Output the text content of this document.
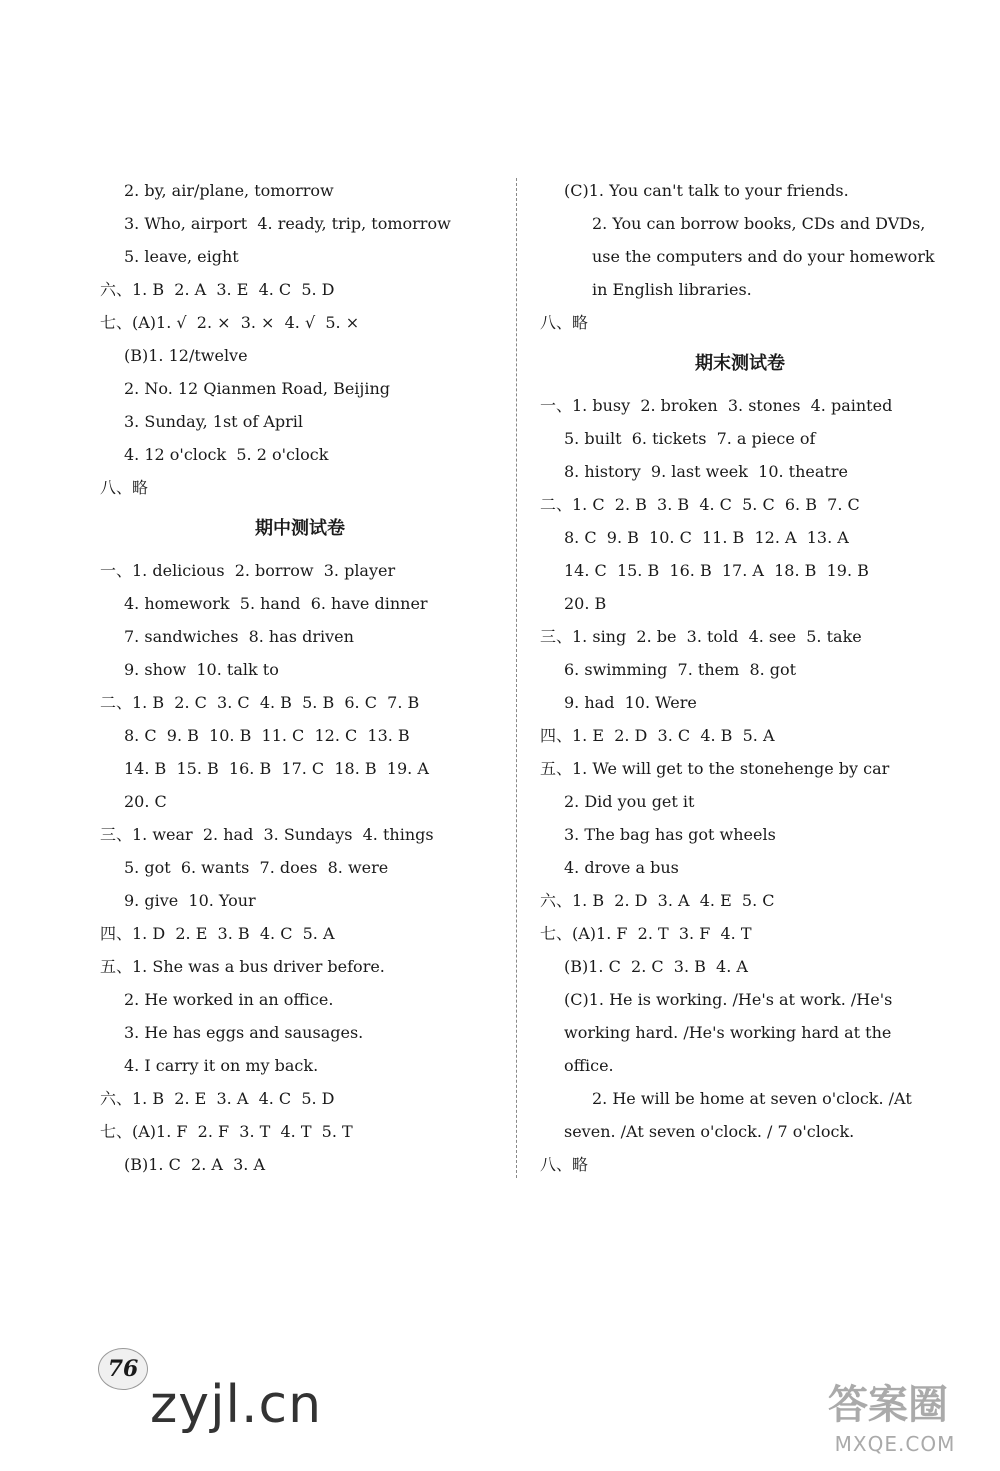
2. by, air/plane, tomorrow
3. Who, airport  4. ready, trip, tomorrow
5. leave, eight
六、1. B  2. A  3. E  4. C  5. D
七、(A)1. √  2. ×  3. ×  4. √  5. ×
(B)1. 12/twelve
2. No. 12 Qianmen Road, Beijing
3. Sunday, 1st of April
4. 12 o'clock  5. 2 o'clock
八、略
期中测试卷
一、1. delicious  2. borrow  3. player
4. homework  5. hand  6. have dinner
7. sandwiches  8. has driven
9. show  10. talk to
二、1. B  2. C  3. C  4. B  5. B  6. C  7. B
8. C  9. B  10. B  11. C  12. C  13. B
14. B  15. B  16. B  17. C  18. B  19. A
20. C
三、1. wear  2. had  3. Sundays  4. things
5. got  6. wants  7. does  8. were
9. give  10. Your
四、1. D  2. E  3. B  4. C  5. A
五、1. She was a bus driver before.
2. He worked in an office.
3. He has eggs and sausages.
4. I carry it on my back.
六、1. B  2. E  3. A  4. C  5. D
七、(A)1. F  2. F  3. T  4. T  5. T
(B)1. C  2. A  3. A
(C)1. You can't talk to your friends.
2. You can borrow books, CDs and DVDs,
use the computers and do your homework
in English libraries.
八、略
期末测试卷
一、1. busy  2. broken  3. stones  4. painted
5. built  6. tickets  7. a piece of
8. history  9. last week  10. theatre
二、1. C  2. B  3. B  4. C  5. C  6. B  7. C
8. C  9. B  10. C  11. B  12. A  13. A
14. C  15. B  16. B  17. A  18. B  19. B
20. B
三、1. sing  2. be  3. told  4. see  5. take
6. swimming  7. them  8. got
9. had  10. Were
四、1. E  2. D  3. C  4. B  5. A
五、1. We will get to the stonehenge by car
2. Did you get it
3. The bag has got wheels
4. drove a bus
六、1. B  2. D  3. A  4. E  5. C
七、(A)1. F  2. T  3. F  4. T
(B)1. C  2. C  3. B  4. A
(C)1. He is working. /He's at work. /He's
working hard. /He's working hard at the
office.
2. He will be home at seven o'clock. /At
seven. /At seven o'clock. / 7 o'clock.
八、略
76
zyjl.cn	答案圈
MXQE.COM
